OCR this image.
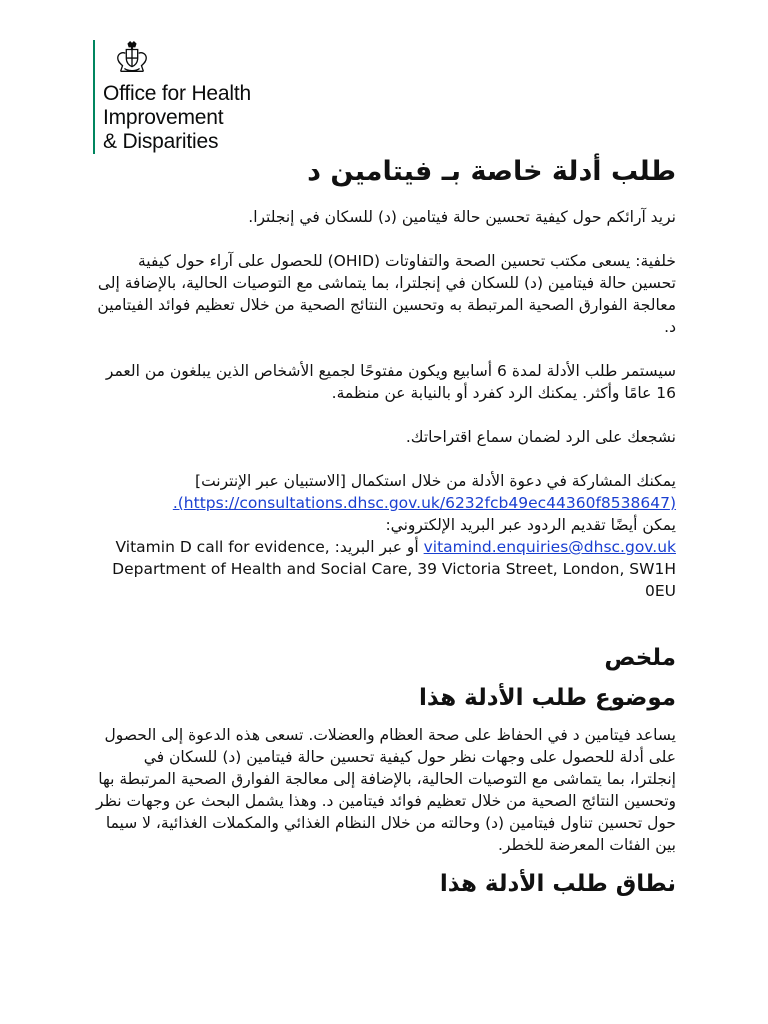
Office for Health
Improvement
& Disparities
طلب أدلة خاصة بـ فيتامين د

نريد آرائكم حول كيفية تحسين حالة فيتامين (د) للسكان في إنجلترا.

خلفية: يسعى مكتب تحسين الصحة والتفاوتات (OHID) للحصول على آراء حول كيفية تحسين حالة فيتامين (د) للسكان في إنجلترا، بما يتماشى مع التوصيات الحالية، بالإضافة إلى معالجة الفوارق الصحية المرتبطة به وتحسين النتائج الصحية من خلال تعظيم فوائد الفيتامين د.

سيستمر طلب الأدلة لمدة 6 أسابيع ويكون مفتوحًا لجميع الأشخاص الذين يبلغون من العمر 16 عامًا وأكثر. يمكنك الرد كفرد أو بالنيابة عن منظمة.

نشجعك على الرد لضمان سماع اقتراحاتك.

يمكنك المشاركة في دعوة الأدلة من خلال استكمال [الاستبيان عبر الإنترنت]
(https://consultations.dhsc.gov.uk/6232fcb49ec44360f8538647).

يمكن أيضًا تقديم الردود عبر البريد الإلكتروني:

vitamind.enquiries@dhsc.gov.uk أو عبر البريد: Vitamin D call for evidence, Department of Health and Social Care, 39 Victoria Street, London, SW1H 0EU

ملخص
موضوع طلب الأدلة هذا

يساعد فيتامين د في الحفاظ على صحة العظام والعضلات. تسعى هذه الدعوة إلى الحصول على أدلة للحصول على وجهات نظر حول كيفية تحسين حالة فيتامين (د) للسكان في إنجلترا، بما يتماشى مع التوصيات الحالية، بالإضافة إلى معالجة الفوارق الصحية المرتبطة بها وتحسين النتائج الصحية من خلال تعظيم فوائد فيتامين د. وهذا يشمل البحث عن وجهات نظر حول تحسين تناول فيتامين (د) وحالته من خلال النظام الغذائي والمكملات الغذائية، لا سيما بين الفئات المعرضة للخطر.

نطاق طلب الأدلة هذا
